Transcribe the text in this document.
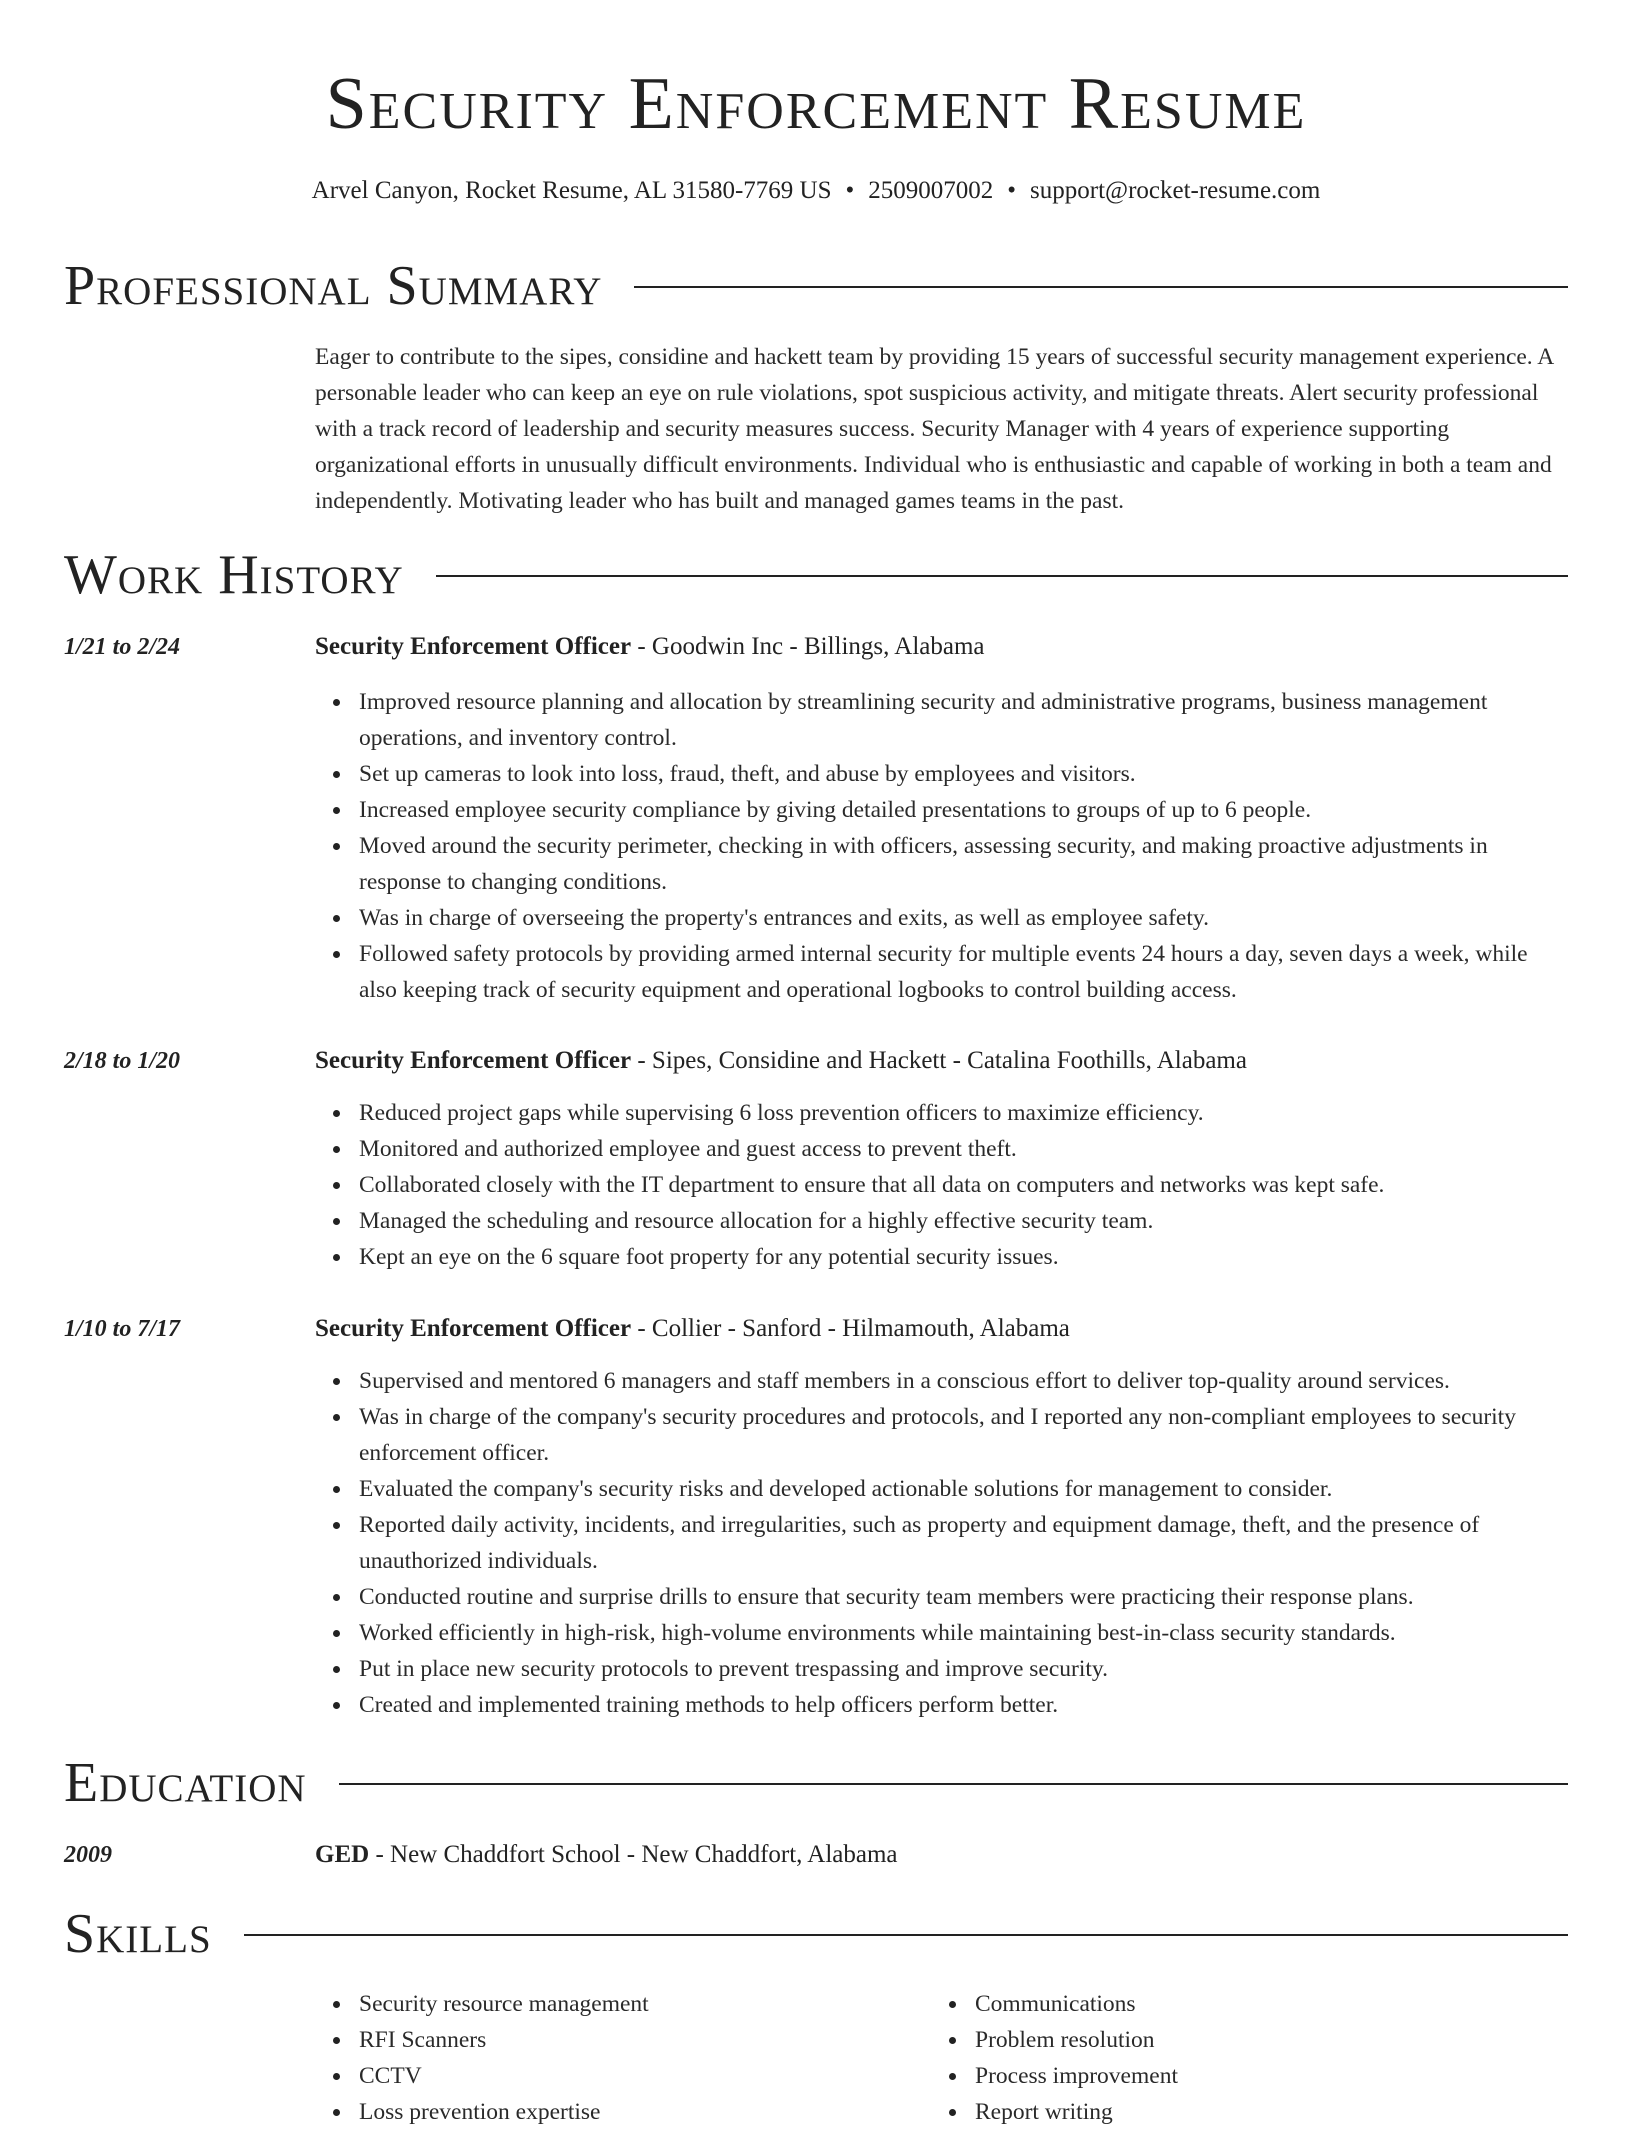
Security Enforcement Resume
Arvel Canyon, Rocket Resume, AL 31580-7769 US • 2509007002 • support@rocket-resume.com
Professional Summary
Eager to contribute to the sipes, considine and hackett team by providing 15 years of successful security management experience. A personable leader who can keep an eye on rule violations, spot suspicious activity, and mitigate threats. Alert security professional with a track record of leadership and security measures success. Security Manager with 4 years of experience supporting organizational efforts in unusually difficult environments. Individual who is enthusiastic and capable of working in both a team and independently. Motivating leader who has built and managed games teams in the past.
Work History
1/21 to 2/24	Security Enforcement Officer - Goodwin Inc - Billings, Alabama
Improved resource planning and allocation by streamlining security and administrative programs, business management operations, and inventory control.
Set up cameras to look into loss, fraud, theft, and abuse by employees and visitors.
Increased employee security compliance by giving detailed presentations to groups of up to 6 people.
Moved around the security perimeter, checking in with officers, assessing security, and making proactive adjustments in response to changing conditions.
Was in charge of overseeing the property's entrances and exits, as well as employee safety.
Followed safety protocols by providing armed internal security for multiple events 24 hours a day, seven days a week, while also keeping track of security equipment and operational logbooks to control building access.
2/18 to 1/20	Security Enforcement Officer - Sipes, Considine and Hackett - Catalina Foothills, Alabama
Reduced project gaps while supervising 6 loss prevention officers to maximize efficiency.
Monitored and authorized employee and guest access to prevent theft.
Collaborated closely with the IT department to ensure that all data on computers and networks was kept safe.
Managed the scheduling and resource allocation for a highly effective security team.
Kept an eye on the 6 square foot property for any potential security issues.
1/10 to 7/17	Security Enforcement Officer - Collier - Sanford - Hilmamouth, Alabama
Supervised and mentored 6 managers and staff members in a conscious effort to deliver top-quality around services.
Was in charge of the company's security procedures and protocols, and I reported any non-compliant employees to security enforcement officer.
Evaluated the company's security risks and developed actionable solutions for management to consider.
Reported daily activity, incidents, and irregularities, such as property and equipment damage, theft, and the presence of unauthorized individuals.
Conducted routine and surprise drills to ensure that security team members were practicing their response plans.
Worked efficiently in high-risk, high-volume environments while maintaining best-in-class security standards.
Put in place new security protocols to prevent trespassing and improve security.
Created and implemented training methods to help officers perform better.
Education
2009	GED - New Chaddfort School - New Chaddfort, Alabama
Skills
Security resource management
RFI Scanners
CCTV
Loss prevention expertise
Communications
Problem resolution
Process improvement
Report writing
